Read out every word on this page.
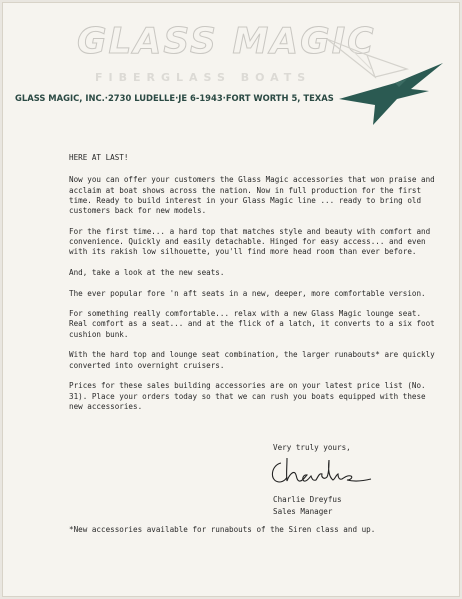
GLASS MAGIC
FIBERGLASS BOATS
GLASS MAGIC, INC.·2730 LUDELLE·JE 6-1943·FORT WORTH 5, TEXAS

HERE AT LAST!

Now you can offer your customers the Glass Magic accessories that won praise and acclaim at boat shows across the nation. Now in full production for the first time. Ready to build interest in your Glass Magic line ... ready to bring old customers back for new models.

For the first time... a hard top that matches style and beauty with comfort and convenience. Quickly and easily detachable. Hinged for easy access... and even with its rakish low silhouette, you'll find more head room than ever before.

And, take a look at the new seats.

The ever popular fore 'n aft seats in a new, deeper, more comfortable version.

For something really comfortable... relax with a new Glass Magic lounge seat. Real comfort as a seat... and at the flick of a latch, it converts to a six foot cushion bunk.

With the hard top and lounge seat combination, the larger runabouts* are quickly converted into overnight cruisers.

Prices for these sales building accessories are on your latest price list (No. 31). Place your orders today so that we can rush you boats equipped with these new accessories.

Very truly yours,
Charlie Dreyfus
Sales Manager
*New accessories available for runabouts of the Siren class and up.
